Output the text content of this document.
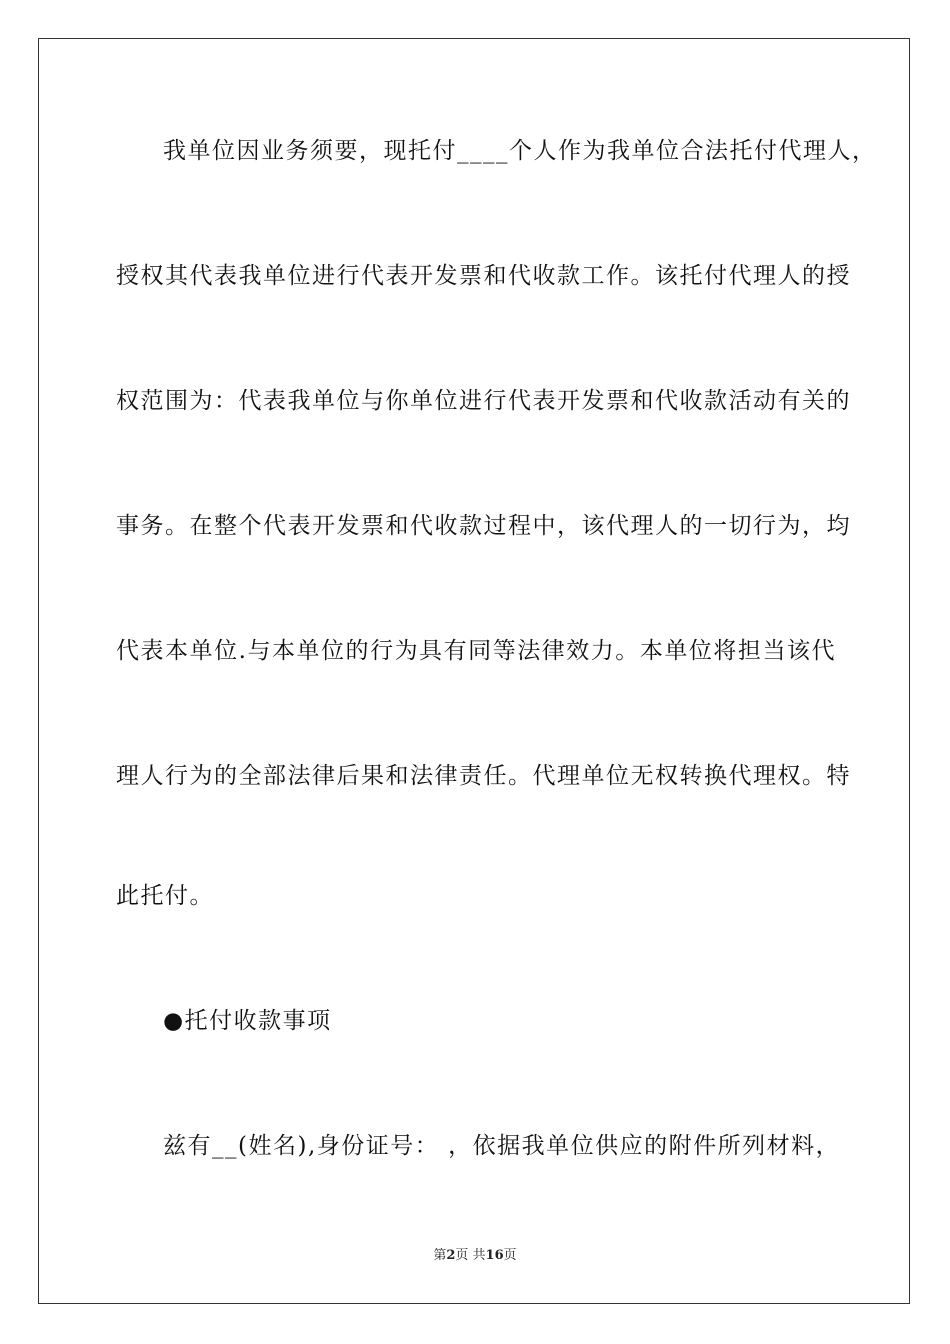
我单位因业务须要，现托付____个人作为我单位合法托付代理人，
授权其代表我单位进行代表开发票和代收款工作。该托付代理人的授
权范围为：代表我单位与你单位进行代表开发票和代收款活动有关的
事务。在整个代表开发票和代收款过程中，该代理人的一切行为，均
代表本单位.与本单位的行为具有同等法律效力。本单位将担当该代
理人行为的全部法律后果和法律责任。代理单位无权转换代理权。特
此托付。
●托付收款事项
兹有__(姓名),身份证号： ，依据我单位供应的附件所列材料，
第2页 共16页
